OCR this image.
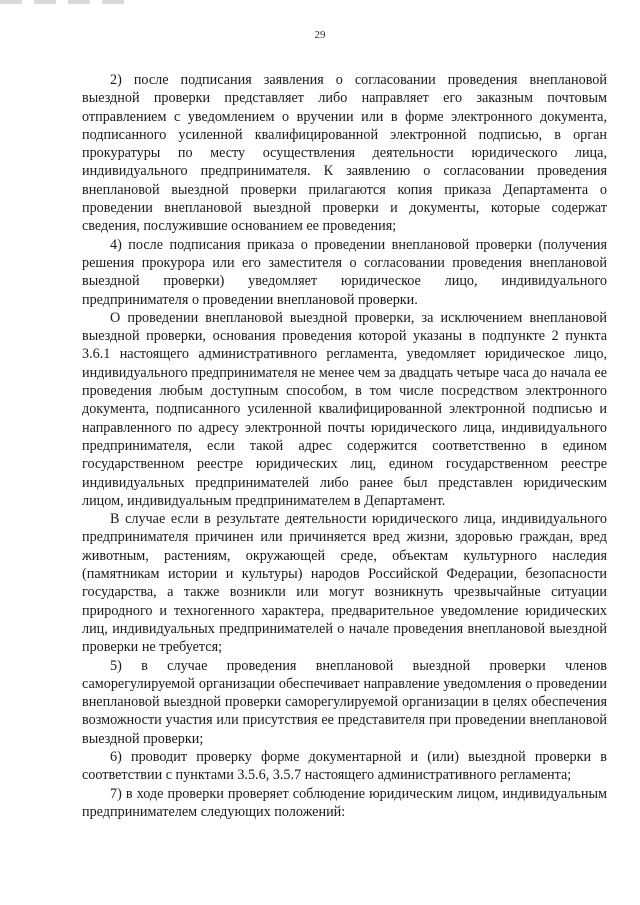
29

2) после подписания заявления о согласовании проведения внеплановой выездной проверки представляет либо направляет его заказным почтовым отправлением с уведомлением о вручении или в форме электронного документа, подписанного усиленной квалифицированной электронной подписью, в орган прокуратуры по месту осуществления деятельности юридического лица, индивидуального предпринимателя. К заявлению о согласовании проведения внеплановой выездной проверки прилагаются копия приказа Департамента о проведении внеплановой выездной проверки и документы, которые содержат сведения, послужившие основанием ее проведения;

4) после подписания приказа о проведении внеплановой проверки (получения решения прокурора или его заместителя о согласовании проведения внеплановой выездной проверки) уведомляет юридическое лицо, индивидуального предпринимателя о проведении внеплановой проверки.

О проведении внеплановой выездной проверки, за исключением внеплановой выездной проверки, основания проведения которой указаны в подпункте 2 пункта 3.6.1 настоящего административного регламента, уведомляет юридическое лицо, индивидуального предпринимателя не менее чем за двадцать четыре часа до начала ее проведения любым доступным способом, в том числе посредством электронного документа, подписанного усиленной квалифицированной электронной подписью и направленного по адресу электронной почты юридического лица, индивидуального предпринимателя, если такой адрес содержится соответственно в едином государственном реестре юридических лиц, едином государственном реестре индивидуальных предпринимателей либо ранее был представлен юридическим лицом, индивидуальным предпринимателем в Департамент.

В случае если в результате деятельности юридического лица, индивидуального предпринимателя причинен или причиняется вред жизни, здоровью граждан, вред животным, растениям, окружающей среде, объектам культурного наследия (памятникам истории и культуры) народов Российской Федерации, безопасности государства, а также возникли или могут возникнуть чрезвычайные ситуации природного и техногенного характера, предварительное уведомление юридических лиц, индивидуальных предпринимателей о начале проведения внеплановой выездной проверки не требуется;

5) в случае проведения внеплановой выездной проверки членов саморегулируемой организации обеспечивает направление уведомления о проведении внеплановой выездной проверки саморегулируемой организации в целях обеспечения возможности участия или присутствия ее представителя при проведении внеплановой выездной проверки;

6) проводит проверку форме документарной и (или) выездной проверки в соответствии с пунктами 3.5.6, 3.5.7 настоящего административного регламента;

7) в ходе проверки проверяет соблюдение юридическим лицом, индивидуальным предпринимателем следующих положений:
